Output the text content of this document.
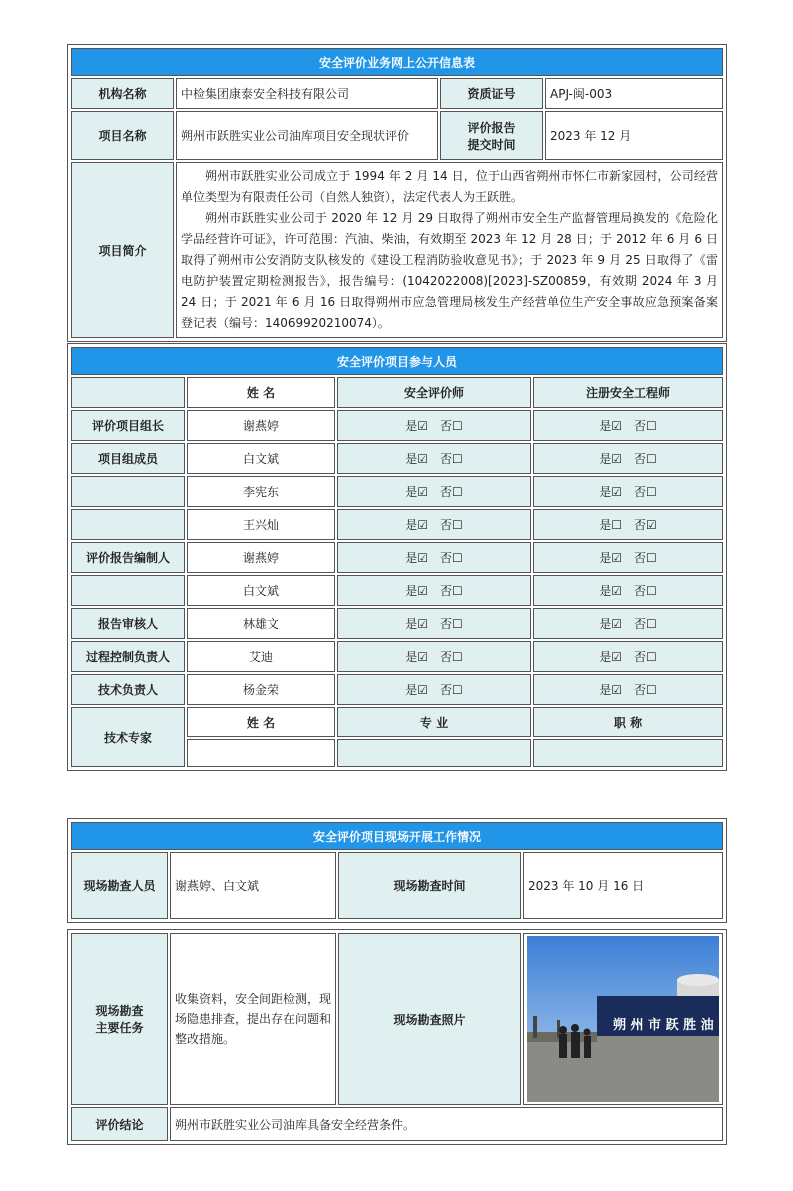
安全评价业务网上公开信息表			
机构名称	中检集团康泰安全科技有限公司	资质证号	APJ-闽-003
项目名称	朔州市跃胜实业公司油库项目安全现状评价	评价报告
提交时间	2023 年 12 月
项目简介	朔州市跃胜实业公司成立于 1994 年 2 月 14 日，位于山西省朔州市怀仁市新家园村，公司经营单位类型为有限责任公司（自然人独资），法定代表人为王跃胜。

朔州市跃胜实业公司于 2020 年 12 月 29 日取得了朔州市安全生产监督管理局换发的《危险化学品经营许可证》，许可范围：汽油、柴油，有效期至 2023 年 12 月 28 日；于 2012 年 6 月 6 日取得了朔州市公安消防支队核发的《建设工程消防验收意见书》；于 2023 年 9 月 25 日取得了《雷电防护装置定期检测报告》，报告编号：(1042022008)[2023]-SZ00859，有效期 2024 年 3 月 24 日；于 2021 年 6 月 16 日取得朔州市应急管理局核发生产经营单位生产安全事故应急预案备案登记表（编号：14069920210074）。		

安全评价项目参与人员			
	姓 名	安全评价师	注册安全工程师
评价项目组长	谢燕婷	是☑　否☐	是☑　否☐
项目组成员	白文斌	是☑　否☐	是☑　否☐
	李宪东	是☑　否☐	是☑　否☐
	王兴灿	是☑　否☐	是☐　否☑
评价报告编制人	谢燕婷	是☑　否☐	是☑　否☐
	白文斌	是☑　否☐	是☑　否☐
报告审核人	林雄文	是☑　否☐	是☑　否☐
过程控制负责人	艾迪	是☑　否☐	是☑　否☐
技术负责人	杨金荣	是☑　否☐	是☑　否☐
技术专家	姓 名	专 业	职 称

安全评价项目现场开展工作情况
现场勘查人员	谢燕婷、白文斌	现场勘查时间	2023 年 10 月 16 日
现场勘查
主要任务	收集资料，安全间距检测，现场隐患排查，提出存在问题和整改措施。	现场勘查照片	朔 州 市 跃 胜 油

评价结论	朔州市跃胜实业公司油库具备安全经营条件。		
